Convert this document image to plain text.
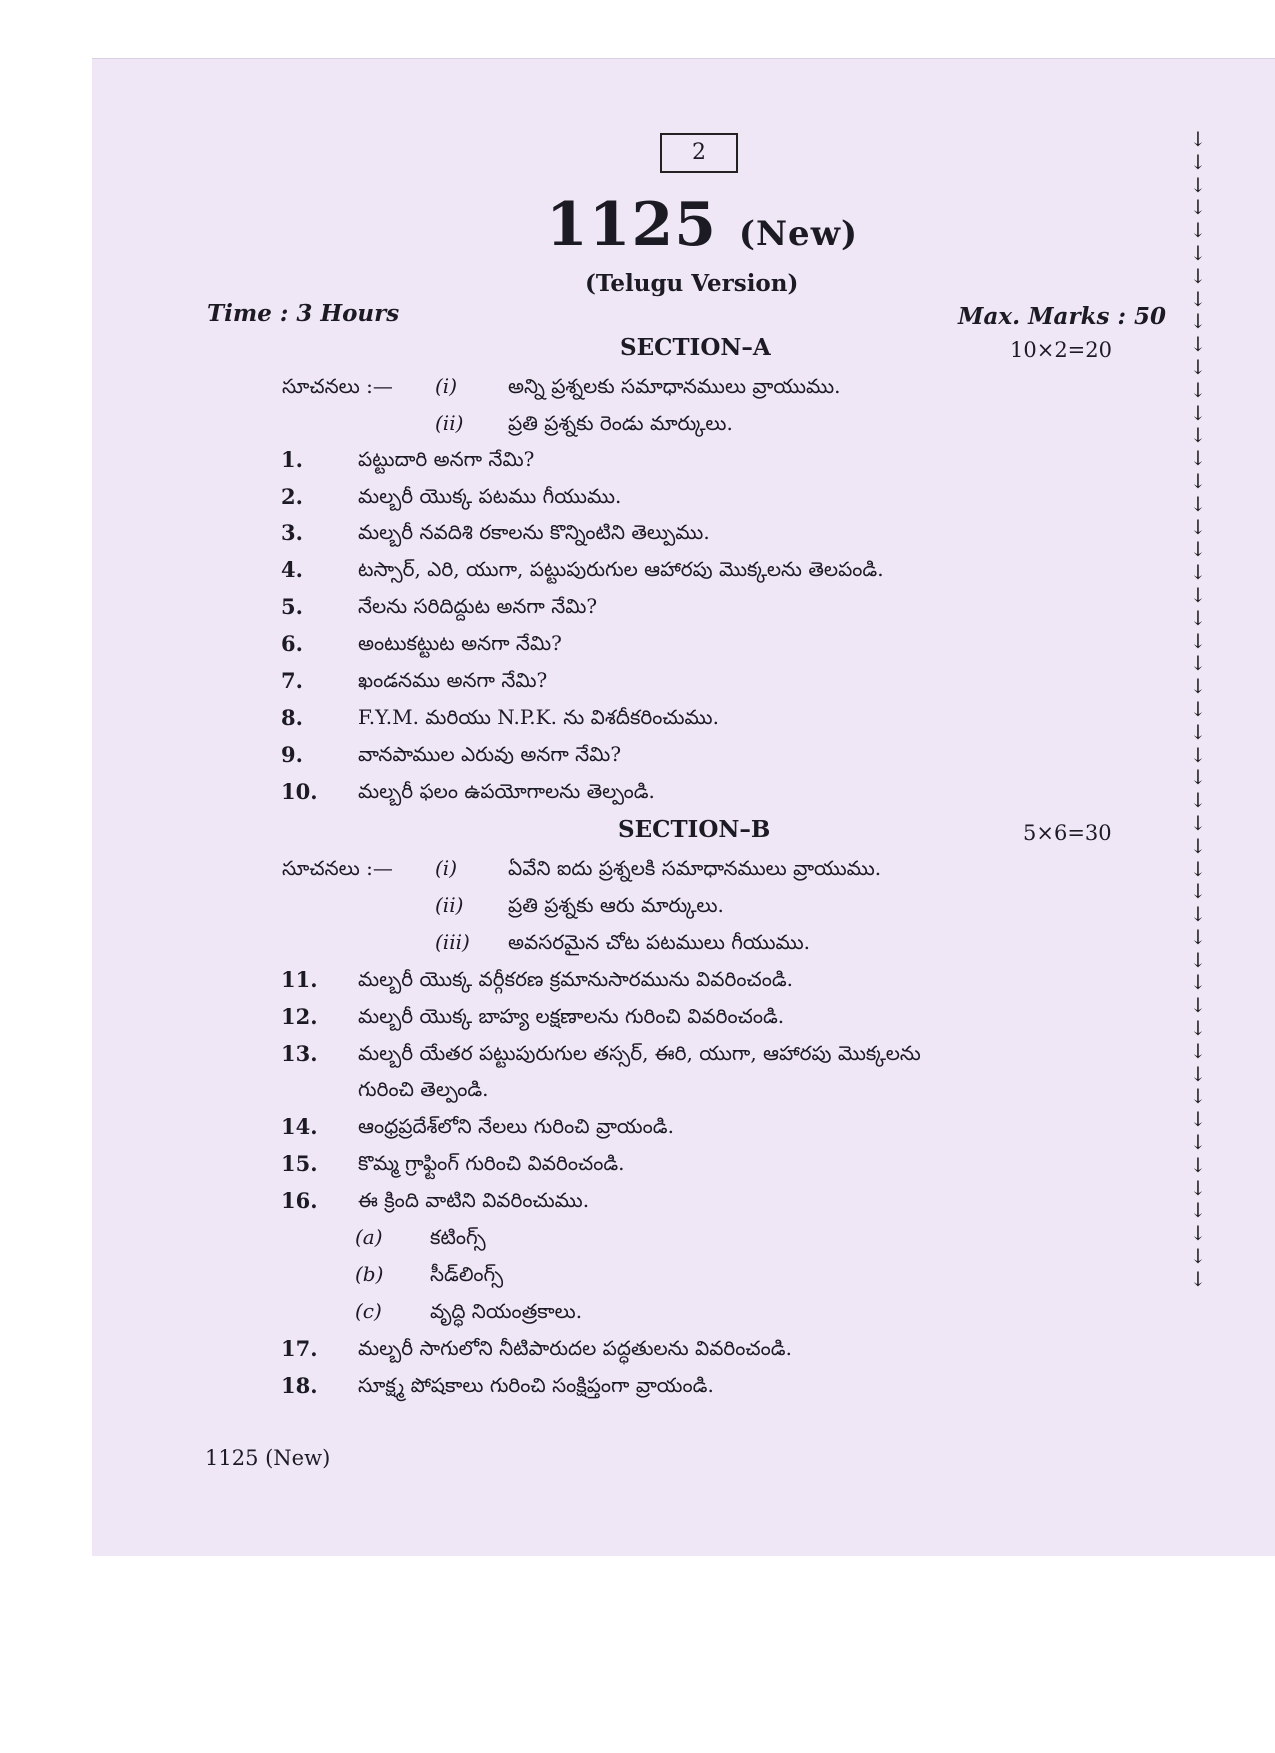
2
1125 (New)
(Telugu Version)
Time : 3 Hours	Max. Marks : 50
SECTION–A	10×2=20
సూచనలు :— (i)	అన్ని ప్రశ్నలకు సమాధానములు వ్రాయుము.
(ii) ప్రతి ప్రశ్నకు రెండు మార్కులు.
1.	పట్టుదారి అనగా నేమి?
2.	మల్బరీ యొక్క పటము గీయుము.
3.	మల్బరీ నవదిశి రకాలను కొన్నింటిని తెల్పుము.
4.	టస్సార్, ఎరి, యుగా, పట్టుపురుగుల ఆహారపు మొక్కలను తెలపండి.
5.	నేలను సరిదిద్దుట అనగా నేమి?
6.	అంటుకట్టుట అనగా నేమి?
7.	ఖండనము అనగా నేమి?
8.	F.Y.M. మరియు N.P.K. ను విశదీకరించుము.
9.	వానపాముల ఎరువు అనగా నేమి?
10. మల్బరీ ఫలం ఉపయోగాలను తెల్పండి.
SECTION–B	5×6=30
సూచనలు :— (i)	ఏవేని ఐదు ప్రశ్నలకి సమాధానములు వ్రాయుము.
(ii) ప్రతి ప్రశ్నకు ఆరు మార్కులు.
(iii) అవసరమైన చోట పటములు గీయుము.
11. మల్బరీ యొక్క వర్గీకరణ క్రమానుసారమును వివరించండి.
12. మల్బరీ యొక్క బాహ్య లక్షణాలను గురించి వివరించండి.
13. మల్బరీ యేతర పట్టుపురుగుల తస్సర్, ఈరి, యుగా, ఆహారపు మొక్కలను
గురించి తెల్పండి.
14. ఆంధ్రప్రదేశ్‌లోని నేలలు గురించి వ్రాయండి.
15. కొమ్మ గ్రాఫ్టింగ్ గురించి వివరించండి.
16. ఈ క్రింది వాటిని వివరించుము.
(a) కటింగ్స్
(b) సీడ్‌లింగ్స్
(c) వృద్ధి నియంత్రకాలు.
17. మల్బరీ సాగులోని నీటిపారుదల పద్ధతులను వివరించండి.
18. సూక్ష్మ పోషకాలు గురించి సంక్షిప్తంగా వ్రాయండి.
1125 (New)
↓
↓
↓
↓
↓
↓
↓
↓
↓
↓
↓
↓
↓
↓
↓
↓
↓
↓
↓
↓
↓
↓
↓
↓
↓
↓
↓
↓
↓
↓
↓
↓
↓
↓
↓
↓
↓
↓
↓
↓
↓
↓
↓
↓
↓
↓
↓
↓
↓
↓
↓
